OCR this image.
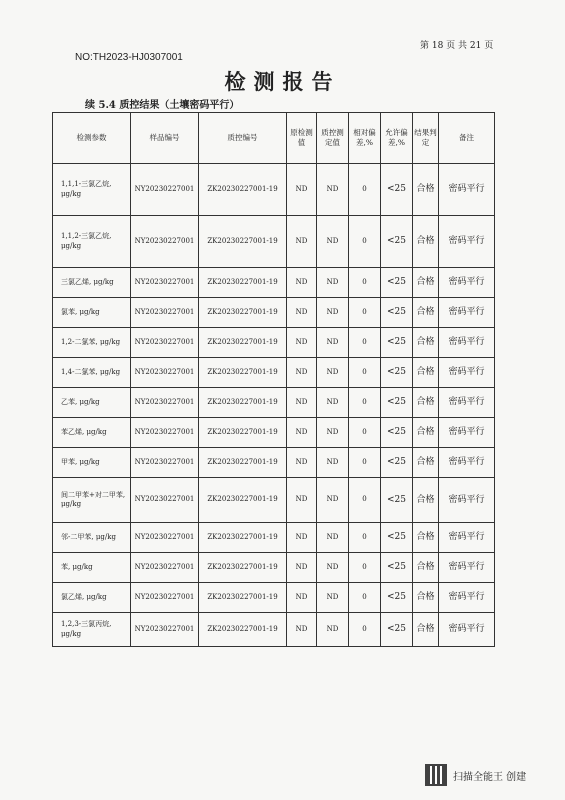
第 18 页 共 21 页
NO:TH2023-HJ0307001
检测报告
续 5.4 质控结果（土壤密码平行）
检测参数	样品编号	质控编号	原检测值	质控测定值	相对偏差,%	允许偏差,%	结果判定	备注
1,1,1-三氯乙烷, μg/kg	NY20230227001	ZK20230227001-19	ND	ND	0	<25	合格	密码平行
1,1,2-三氯乙烷, μg/kg	NY20230227001	ZK20230227001-19	ND	ND	0	<25	合格	密码平行
三氯乙烯, μg/kg	NY20230227001	ZK20230227001-19	ND	ND	0	<25	合格	密码平行
氯苯, μg/kg	NY20230227001	ZK20230227001-19	ND	ND	0	<25	合格	密码平行
1,2-二氯苯, μg/kg	NY20230227001	ZK20230227001-19	ND	ND	0	<25	合格	密码平行
1,4-二氯苯, μg/kg	NY20230227001	ZK20230227001-19	ND	ND	0	<25	合格	密码平行
乙苯, μg/kg	NY20230227001	ZK20230227001-19	ND	ND	0	<25	合格	密码平行
苯乙烯, μg/kg	NY20230227001	ZK20230227001-19	ND	ND	0	<25	合格	密码平行
甲苯, μg/kg	NY20230227001	ZK20230227001-19	ND	ND	0	<25	合格	密码平行
间二甲苯+对二甲苯, μg/kg	NY20230227001	ZK20230227001-19	ND	ND	0	<25	合格	密码平行
邻-二甲苯, μg/kg	NY20230227001	ZK20230227001-19	ND	ND	0	<25	合格	密码平行
苯, μg/kg	NY20230227001	ZK20230227001-19	ND	ND	0	<25	合格	密码平行
氯乙烯, μg/kg	NY20230227001	ZK20230227001-19	ND	ND	0	<25	合格	密码平行
1,2,3-三氯丙烷, μg/kg	NY20230227001	ZK20230227001-19	ND	ND	0	<25	合格	密码平行
扫描全能王 创建
